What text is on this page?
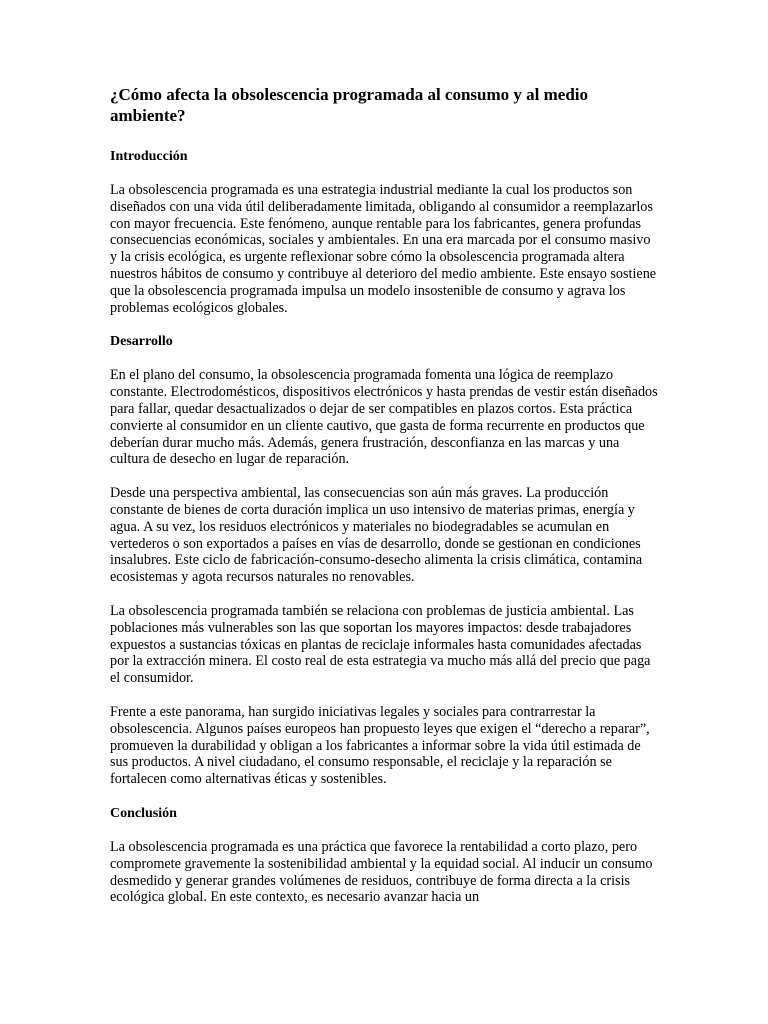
¿Cómo afecta la obsolescencia programada al consumo y al medio ambiente?
Introducción

La obsolescencia programada es una estrategia industrial mediante la cual los productos son diseñados con una vida útil deliberadamente limitada, obligando al consumidor a reemplazarlos con mayor frecuencia. Este fenómeno, aunque rentable para los fabricantes, genera profundas consecuencias económicas, sociales y ambientales. En una era marcada por el consumo masivo y la crisis ecológica, es urgente reflexionar sobre cómo la obsolescencia programada altera nuestros hábitos de consumo y contribuye al deterioro del medio ambiente. Este ensayo sostiene que la obsolescencia programada impulsa un modelo insostenible de consumo y agrava los problemas ecológicos globales.

Desarrollo

En el plano del consumo, la obsolescencia programada fomenta una lógica de reemplazo constante. Electrodomésticos, dispositivos electrónicos y hasta prendas de vestir están diseñados para fallar, quedar desactualizados o dejar de ser compatibles en plazos cortos. Esta práctica convierte al consumidor en un cliente cautivo, que gasta de forma recurrente en productos que deberían durar mucho más. Además, genera frustración, desconfianza en las marcas y una cultura de desecho en lugar de reparación.

Desde una perspectiva ambiental, las consecuencias son aún más graves. La producción constante de bienes de corta duración implica un uso intensivo de materias primas, energía y agua. A su vez, los residuos electrónicos y materiales no biodegradables se acumulan en vertederos o son exportados a países en vías de desarrollo, donde se gestionan en condiciones insalubres. Este ciclo de fabricación-consumo-desecho alimenta la crisis climática, contamina ecosistemas y agota recursos naturales no renovables.

La obsolescencia programada también se relaciona con problemas de justicia ambiental. Las poblaciones más vulnerables son las que soportan los mayores impactos: desde trabajadores expuestos a sustancias tóxicas en plantas de reciclaje informales hasta comunidades afectadas por la extracción minera. El costo real de esta estrategia va mucho más allá del precio que paga el consumidor.

Frente a este panorama, han surgido iniciativas legales y sociales para contrarrestar la obsolescencia. Algunos países europeos han propuesto leyes que exigen el “derecho a reparar”, promueven la durabilidad y obligan a los fabricantes a informar sobre la vida útil estimada de sus productos. A nivel ciudadano, el consumo responsable, el reciclaje y la reparación se fortalecen como alternativas éticas y sostenibles.

Conclusión

La obsolescencia programada es una práctica que favorece la rentabilidad a corto plazo, pero compromete gravemente la sostenibilidad ambiental y la equidad social. Al inducir un consumo desmedido y generar grandes volúmenes de residuos, contribuye de forma directa a la crisis ecológica global. En este contexto, es necesario avanzar hacia un
